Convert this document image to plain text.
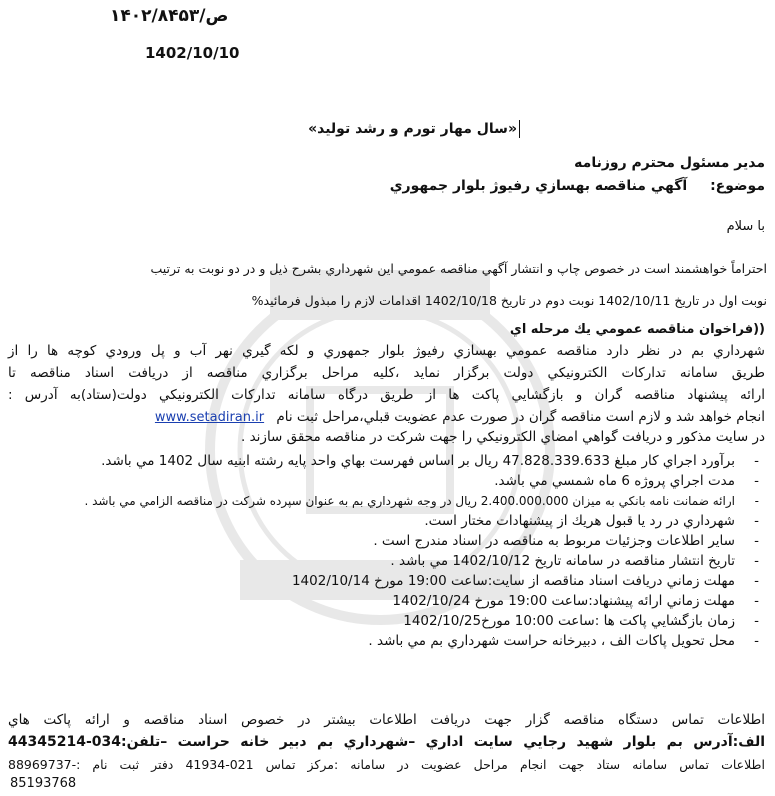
۱۴۰۲/۸۴۵۳/ص
1402/10/10
«سال مهار تورم و رشد توليد»
مدير مسئول محترم روزنامه
موضوع: آگهي مناقصه بهسازي رفيوژ بلوار جمهوري
با سلام
احتراماً خواهشمند است در خصوص چاپ و انتشار آگهي مناقصه عمومي اين شهرداري بشرح ذيل و در دو نوبت به ترتيب
نوبت اول در تاريخ 1402/10/11 نوبت دوم در تاريخ 1402/10/18 اقدامات لازم را مبذول فرمائيد%
((فراخوان مناقصه عمومي يك مرحله اي
شهرداري بم در نظر دارد مناقصه عمومي بهسازي رفيوژ بلوار جمهوري و لكه گيري نهر آب و پل ورودي كوچه ها را از
طريق سامانه تداركات الكترونيكي دولت برگزار نمايد ،كليه مراحل برگزاري مناقصه از دريافت اسناد مناقصه تا
ارائه پيشنهاد مناقصه گران و بازگشايي پاكت ها از طريق درگاه سامانه تداركات الكترونيكي دولت(ستاد)به آدرس :
انجام خواهد شد و لازم است مناقصه گران در صورت عدم عضويت قبلي،مراحل ثبت نام www.setadiran.ir
در سايت مذكور و دريافت گواهي امضاي الكترونيكي را جهت شركت در مناقصه محقق سازند .
- برآورد اجراي كار مبلغ 47.828.339.633 ريال بر اساس فهرست بهاي واحد پايه رشته ابنيه سال 1402 مي باشد.
- مدت اجراي پروژه 6 ماه شمسي مي باشد.
- ارائه ضمانت نامه بانكي به ميزان 2.400.000.000 ريال در وجه شهرداري بم به عنوان سپرده شركت در مناقصه الزامي مي باشد .
- شهرداري در رد يا قبول هريك از پيشنهادات مختار است.
- ساير اطلاعات وجزئيات مربوط به مناقصه در اسناد مندرج است .
- تاريخ انتشار مناقصه در سامانه تاريخ 1402/10/12 مي باشد .
- مهلت زماني دريافت اسناد مناقصه از سايت:ساعت 19:00 مورخ 1402/10/14
- مهلت زماني ارائه پيشنهاد:ساعت 19:00 مورخ 1402/10/24
- زمان بازگشايي پاكت ها :ساعت 10:00 مورخ1402/10/25
- محل تحويل پاكات الف ، دبيرخانه حراست شهرداري بم مي باشد .
اطلاعات تماس دستگاه مناقصه گزار جهت دريافت اطلاعات بيشتر در خصوص اسناد مناقصه و ارائه پاكت هاي
الف:آدرس بم بلوار شهيد رجايي سايت اداري –شهرداري بم دبير خانه حراست –تلفن:034-44345214
اطلاعات تماس سامانه ستاد جهت انجام مراحل عضويت در سامانه :مركز تماس 021-41934 دفتر ثبت نام :-88969737
85193768
